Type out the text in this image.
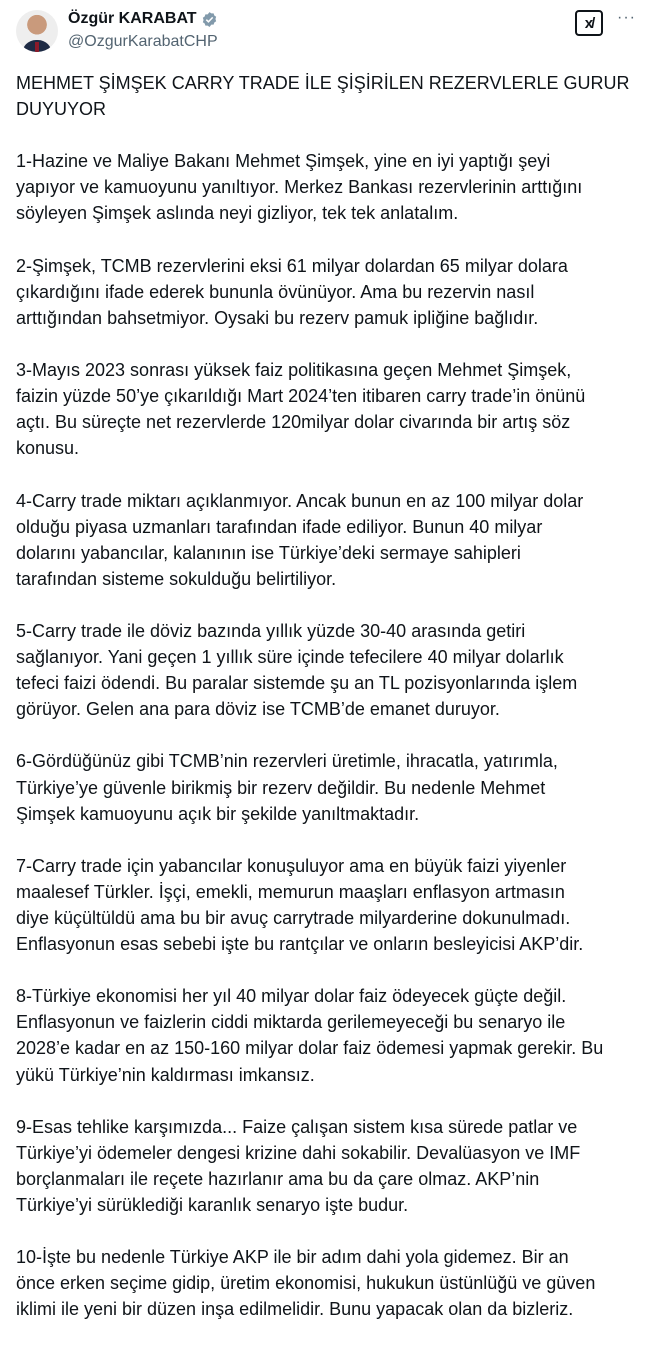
Özgür KARABAT
@OzgurKarabatCHP
x/	···
MEHMET ŞİMŞEK CARRY TRADE İLE ŞİŞİRİLEN REZERVLERLE GURUR
DUYUYOR
1-Hazine ve Maliye Bakanı Mehmet Şimşek, yine en iyi yaptığı şeyi
yapıyor ve kamuoyunu yanıltıyor. Merkez Bankası rezervlerinin arttığını
söyleyen Şimşek aslında neyi gizliyor, tek tek anlatalım.
2-Şimşek, TCMB rezervlerini eksi 61 milyar dolardan 65 milyar dolara
çıkardığını ifade ederek bununla övünüyor. Ama bu rezervin nasıl
arttığından bahsetmiyor. Oysaki bu rezerv pamuk ipliğine bağlıdır.
3-Mayıs 2023 sonrası yüksek faiz politikasına geçen Mehmet Şimşek,
faizin yüzde 50’ye çıkarıldığı Mart 2024’ten itibaren carry trade’in önünü
açtı. Bu süreçte net rezervlerde 120milyar dolar civarında bir artış söz
konusu.
4-Carry trade miktarı açıklanmıyor. Ancak bunun en az 100 milyar dolar
olduğu piyasa uzmanları tarafından ifade ediliyor. Bunun 40 milyar
dolarını yabancılar, kalanının ise Türkiye’deki sermaye sahipleri
tarafından sisteme sokulduğu belirtiliyor.
5-Carry trade ile döviz bazında yıllık yüzde 30-40 arasında getiri
sağlanıyor. Yani geçen 1 yıllık süre içinde tefecilere 40 milyar dolarlık
tefeci faizi ödendi. Bu paralar sistemde şu an TL pozisyonlarında işlem
görüyor. Gelen ana para döviz ise TCMB’de emanet duruyor.
6-Gördüğünüz gibi TCMB’nin rezervleri üretimle, ihracatla, yatırımla,
Türkiye’ye güvenle birikmiş bir rezerv değildir. Bu nedenle Mehmet
Şimşek kamuoyunu açık bir şekilde yanıltmaktadır.
7-Carry trade için yabancılar konuşuluyor ama en büyük faizi yiyenler
maalesef Türkler. İşçi, emekli, memurun maaşları enflasyon artmasın
diye küçültüldü ama bu bir avuç carrytrade milyarderine dokunulmadı.
Enflasyonun esas sebebi işte bu rantçılar ve onların besleyicisi AKP’dir.
8-Türkiye ekonomisi her yıl 40 milyar dolar faiz ödeyecek güçte değil.
Enflasyonun ve faizlerin ciddi miktarda gerilemeyeceği bu senaryo ile
2028’e kadar en az 150-160 milyar dolar faiz ödemesi yapmak gerekir. Bu
yükü Türkiye’nin kaldırması imkansız.
9-Esas tehlike karşımızda... Faize çalışan sistem kısa sürede patlar ve
Türkiye’yi ödemeler dengesi krizine dahi sokabilir. Devalüasyon ve IMF
borçlanmaları ile reçete hazırlanır ama bu da çare olmaz. AKP’nin
Türkiye’yi sürüklediği karanlık senaryo işte budur.
10-İşte bu nedenle Türkiye AKP ile bir adım dahi yola gidemez. Bir an
önce erken seçime gidip, üretim ekonomisi, hukukun üstünlüğü ve güven
iklimi ile yeni bir düzen inşa edilmelidir. Bunu yapacak olan da bizleriz.
